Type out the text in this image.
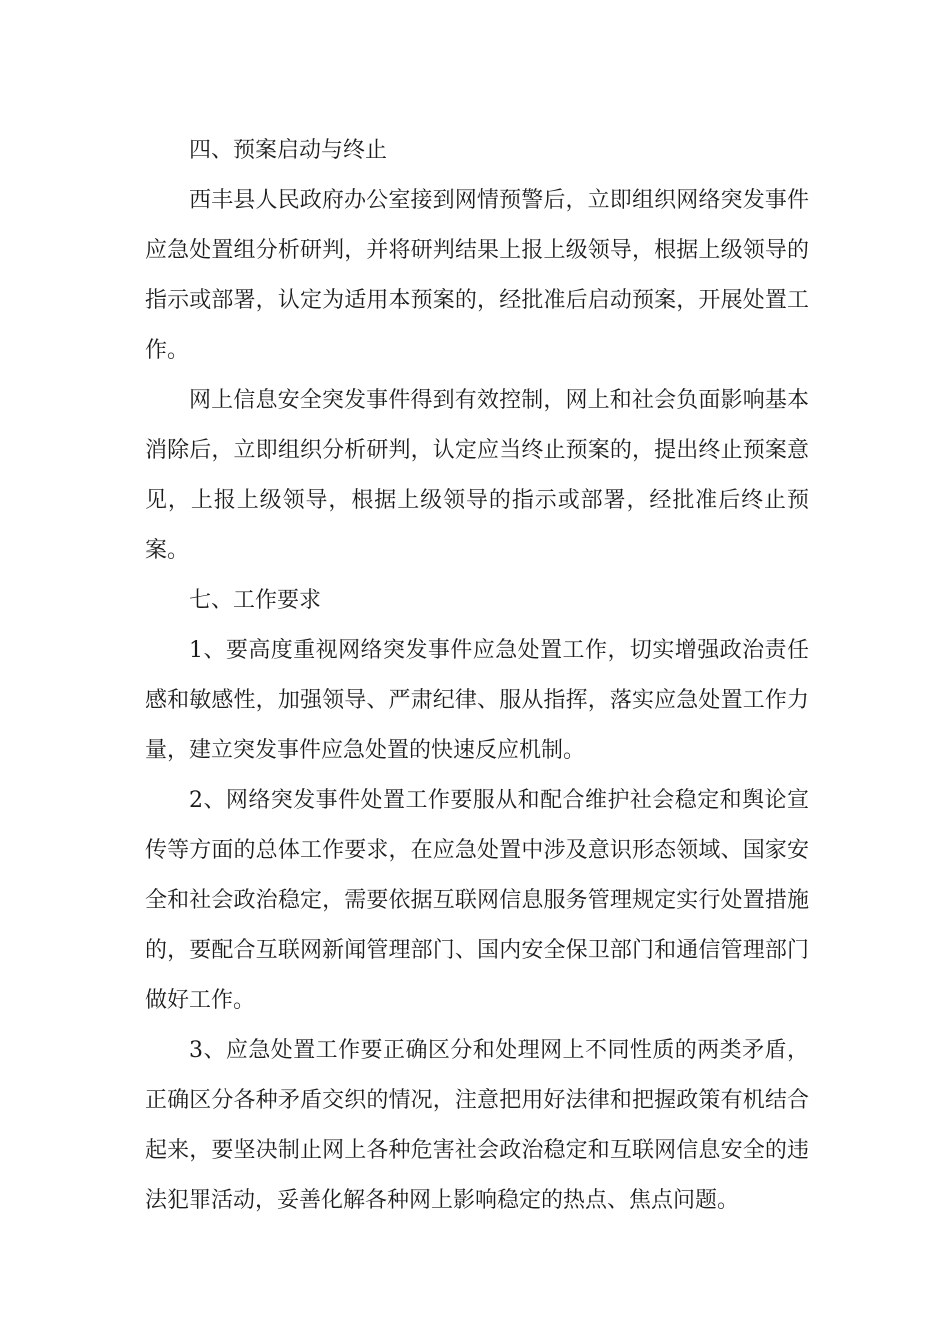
四、预案启动与终止

西丰县人民政府办公室接到网情预警后，立即组织网络突发事件应急处置组分析研判，并将研判结果上报上级领导，根据上级领导的指示或部署，认定为适用本预案的，经批准后启动预案，开展处置工作。

网上信息安全突发事件得到有效控制，网上和社会负面影响基本消除后，立即组织分析研判，认定应当终止预案的，提出终止预案意见，上报上级领导，根据上级领导的指示或部署，经批准后终止预案。

七、工作要求

1、要高度重视网络突发事件应急处置工作，切实增强政治责任感和敏感性，加强领导、严肃纪律、服从指挥，落实应急处置工作力量，建立突发事件应急处置的快速反应机制。

2、网络突发事件处置工作要服从和配合维护社会稳定和舆论宣传等方面的总体工作要求，在应急处置中涉及意识形态领域、国家安全和社会政治稳定，需要依据互联网信息服务管理规定实行处置措施的，要配合互联网新闻管理部门、国内安全保卫部门和通信管理部门做好工作。

3、应急处置工作要正确区分和处理网上不同性质的两类矛盾，正确区分各种矛盾交织的情况，注意把用好法律和把握政策有机结合起来，要坚决制止网上各种危害社会政治稳定和互联网信息安全的违法犯罪活动，妥善化解各种网上影响稳定的热点、焦点问题。
